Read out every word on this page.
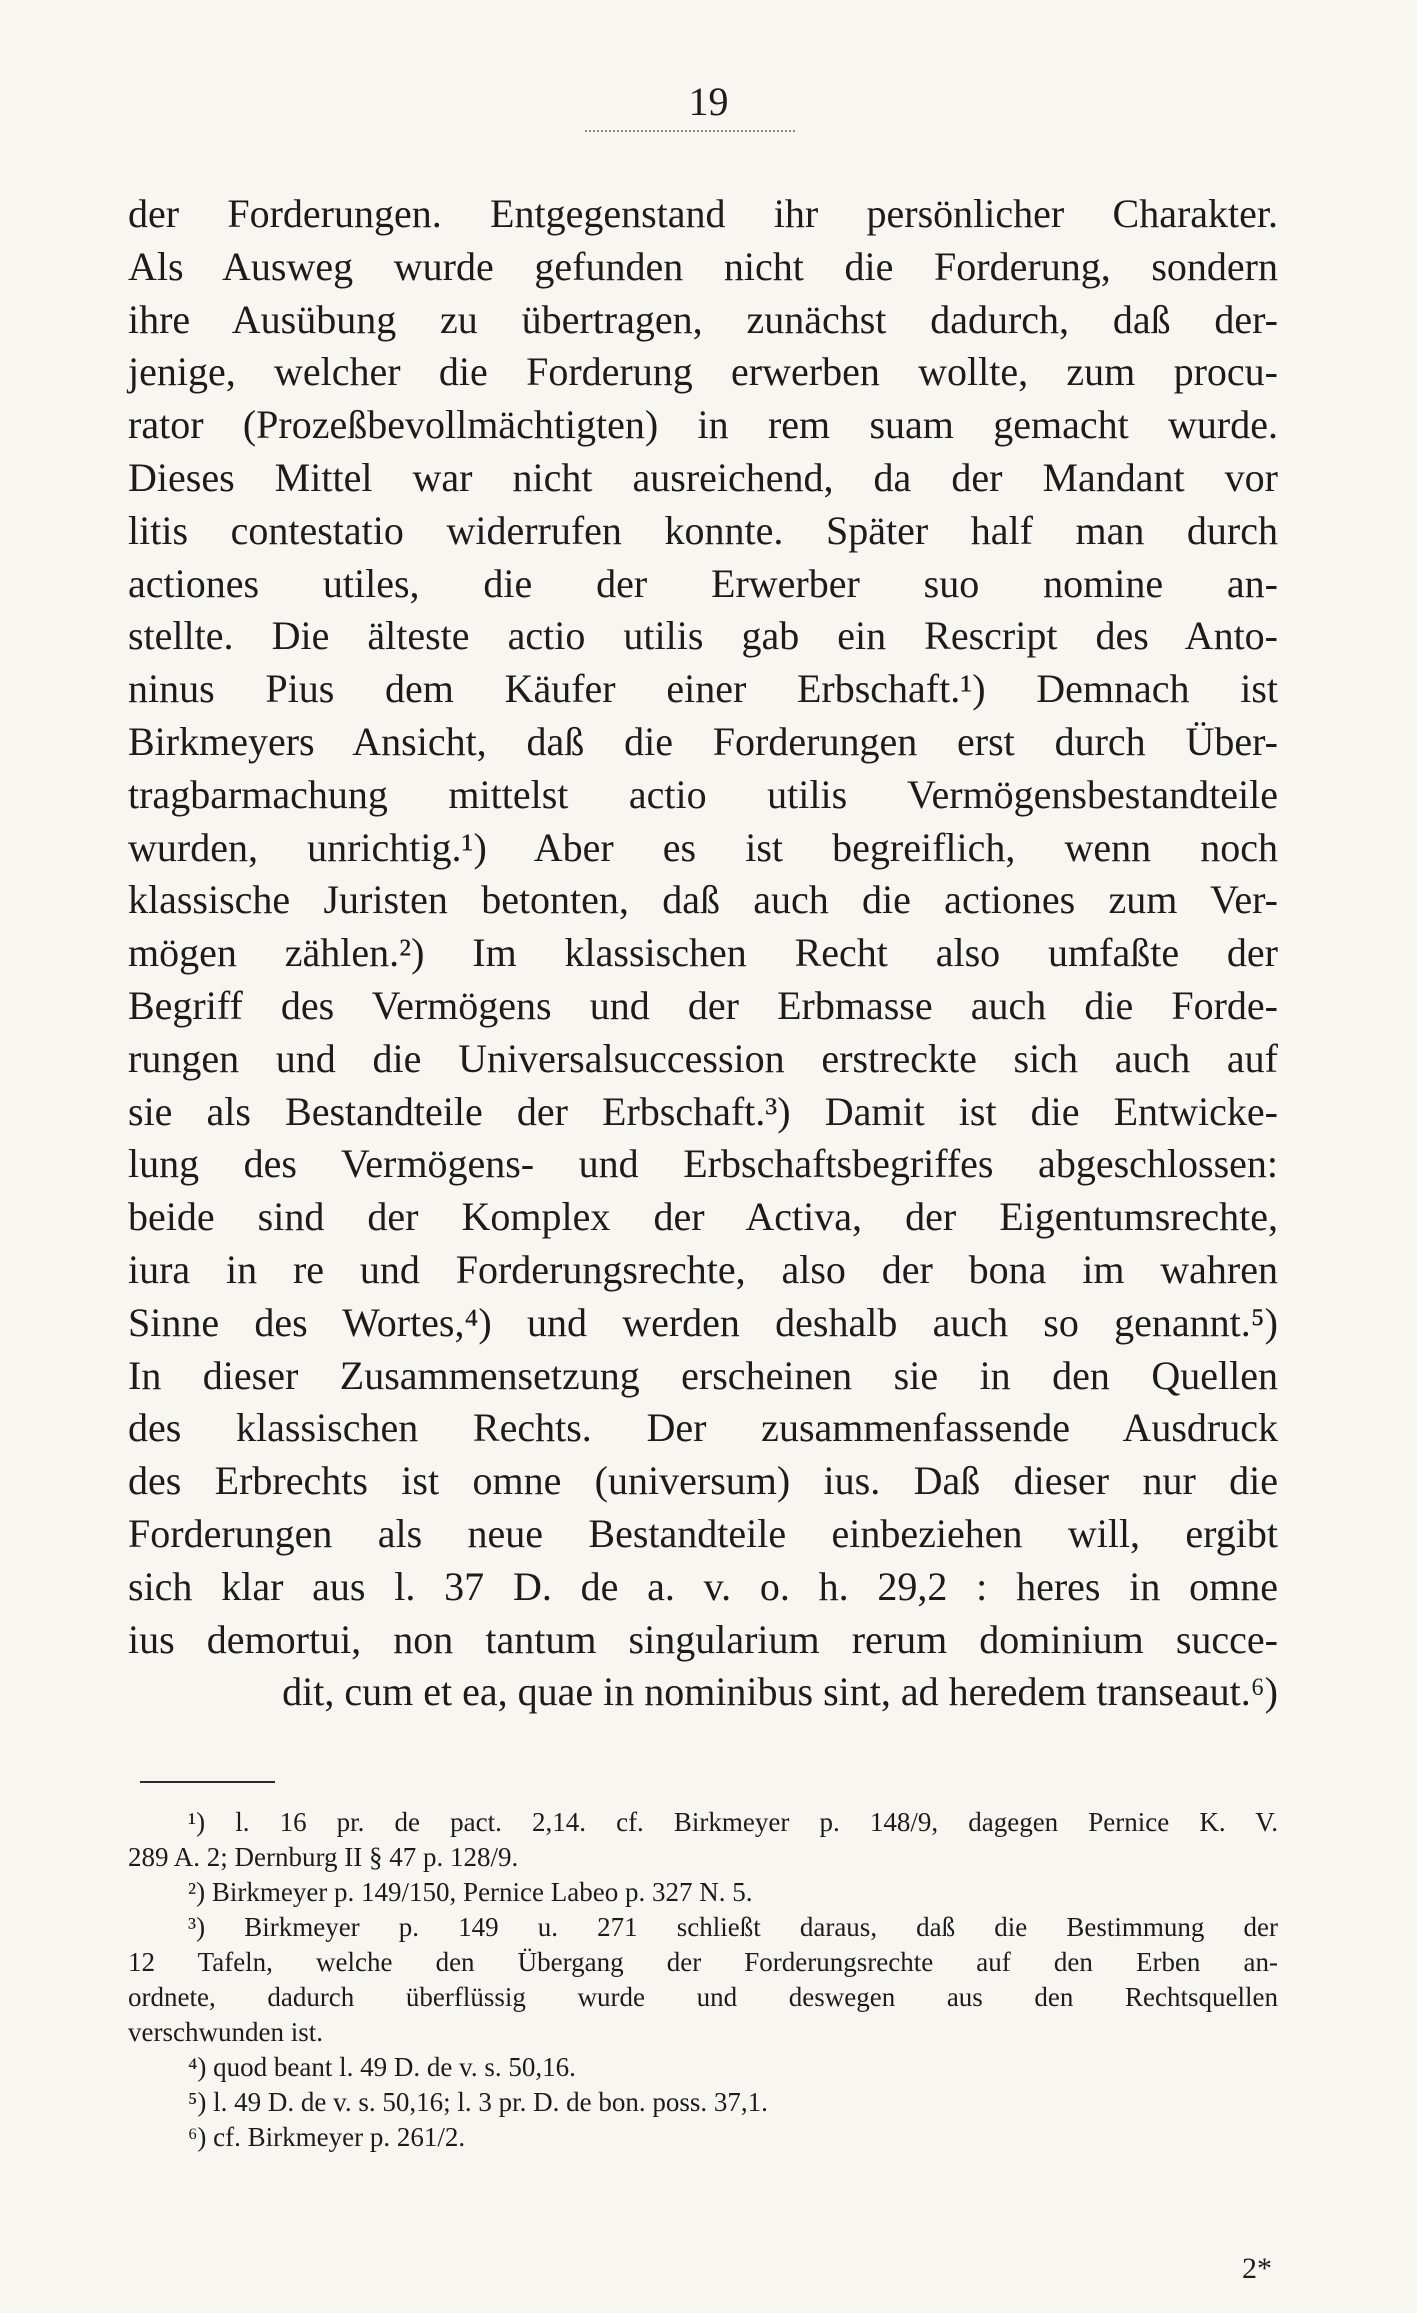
19
der Forderungen. Entgegenstand ihr persönlicher Charakter.
Als Ausweg wurde gefunden nicht die Forderung, sondern
ihre Ausübung zu übertragen, zunächst dadurch, daß der-
jenige, welcher die Forderung erwerben wollte, zum procu-
rator (Prozeßbevollmächtigten) in rem suam gemacht wurde.
Dieses Mittel war nicht ausreichend, da der Mandant vor
litis contestatio widerrufen konnte. Später half man durch
actiones utiles, die der Erwerber suo nomine an-
stellte. Die älteste actio utilis gab ein Rescript des Anto-
ninus Pius dem Käufer einer Erbschaft.¹) Demnach ist
Birkmeyers Ansicht, daß die Forderungen erst durch Über-
tragbarmachung mittelst actio utilis Vermögensbestandteile
wurden, unrichtig.¹) Aber es ist begreiflich, wenn noch
klassische Juristen betonten, daß auch die actiones zum Ver-
mögen zählen.²) Im klassischen Recht also umfaßte der
Begriff des Vermögens und der Erbmasse auch die Forde-
rungen und die Universalsuccession erstreckte sich auch auf
sie als Bestandteile der Erbschaft.³) Damit ist die Entwicke-
lung des Vermögens- und Erbschaftsbegriffes abgeschlossen:
beide sind der Komplex der Activa, der Eigentumsrechte,
iura in re und Forderungsrechte, also der bona im wahren
Sinne des Wortes,⁴) und werden deshalb auch so genannt.⁵)
In dieser Zusammensetzung erscheinen sie in den Quellen
des klassischen Rechts. Der zusammenfassende Ausdruck
des Erbrechts ist omne (universum) ius. Daß dieser nur die
Forderungen als neue Bestandteile einbeziehen will, ergibt
sich klar aus l. 37 D. de a. v. o. h. 29,2 : heres in omne
ius demortui, non tantum singularium rerum dominium succe-
dit, cum et ea, quae in nominibus sint, ad heredem transeaut.⁶)
¹) l. 16 pr. de pact. 2,14. cf. Birkmeyer p. 148/9, dagegen Pernice K. V.
289 A. 2; Dernburg II § 47 p. 128/9.
²) Birkmeyer p. 149/150, Pernice Labeo p. 327 N. 5.
³) Birkmeyer p. 149 u. 271 schließt daraus, daß die Bestimmung der
12 Tafeln, welche den Übergang der Forderungsrechte auf den Erben an-
ordnete, dadurch überflüssig wurde und deswegen aus den Rechtsquellen
verschwunden ist.
⁴) quod beant l. 49 D. de v. s. 50,16.
⁵) l. 49 D. de v. s. 50,16; l. 3 pr. D. de bon. poss. 37,1.
⁶) cf. Birkmeyer p. 261/2.
2*
